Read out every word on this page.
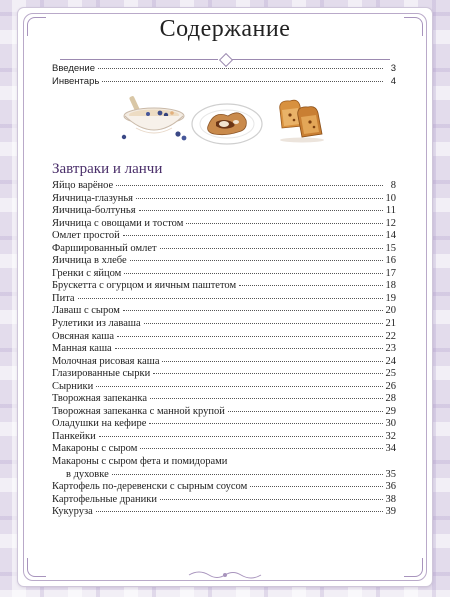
Содержание
Введение	3
Инвентарь	4
Завтраки и ланчи
Яйцо варёное	8
Яичница-глазунья	10
Яичница-болтунья	11
Яичница с овощами и тостом	12
Омлет простой	14
Фаршированный омлет	15
Яичница в хлебе	16
Гренки с яйцом	17
Брускетта с огурцом и яичным паштетом	18
Пита	19
Лаваш с сыром	20
Рулетики из лаваша	21
Овсяная каша	22
Манная каша	23
Молочная рисовая каша	24
Глазированные сырки	25
Сырники	26
Творожная запеканка	28
Творожная запеканка с манной крупой	29
Оладушки на кефире	30
Панкейки	32
Макароны с сыром	34
Макароны с сыром фета и помидорами
в духовке	35
Картофель по-деревенски с сырным соусом	36
Картофельные драники	38
Кукуруза	39
